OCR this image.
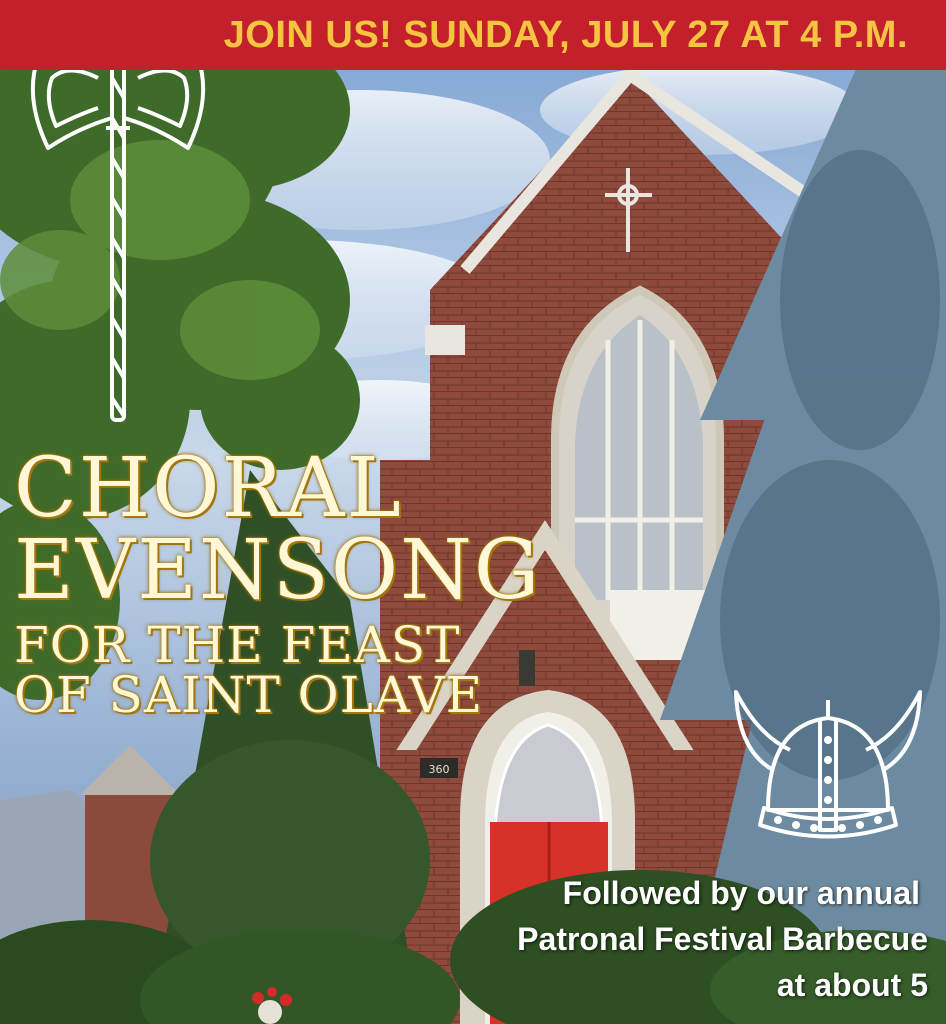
360
JOIN US! SUNDAY, JULY 27 AT 4 P.M.
CHORAL
EVENSONG
FOR THE FEAST
OF SAINT OLAVE
Followed by our annual
Patronal Festival Barbecue
at about 5
